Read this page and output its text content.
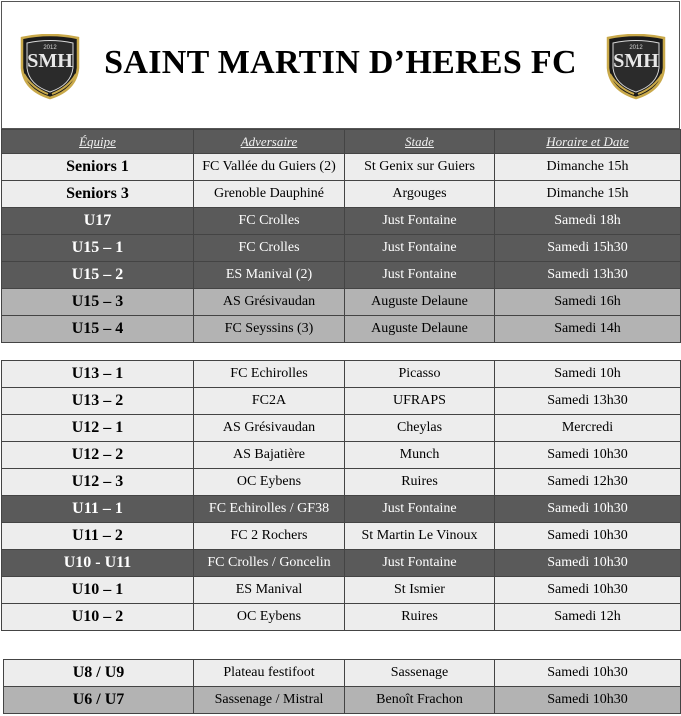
SMH
2012	SAINT MARTIN D’HERES FC	SMH
2012
Équipe	Adversaire	Stade	Horaire et Date
Seniors 1	FC Vallée du Guiers (2)	St Genix sur Guiers	Dimanche 15h
Seniors 3	Grenoble Dauphiné	Argouges	Dimanche 15h
U17	FC Crolles	Just Fontaine	Samedi 18h
U15 – 1	FC Crolles	Just Fontaine	Samedi 15h30
U15 – 2	ES Manival (2)	Just Fontaine	Samedi 13h30
U15 – 3	AS Grésivaudan	Auguste Delaune	Samedi 16h
U15 – 4	FC Seyssins (3)	Auguste Delaune	Samedi 14h
U13 – 1	FC Echirolles	Picasso	Samedi 10h
U13 – 2	FC2A	UFRAPS	Samedi 13h30
U12 – 1	AS Grésivaudan	Cheylas	Mercredi
U12 – 2	AS Bajatière	Munch	Samedi 10h30
U12 – 3	OC Eybens	Ruires	Samedi 12h30
U11 – 1	FC Echirolles / GF38	Just Fontaine	Samedi 10h30
U11 – 2	FC 2 Rochers	St Martin Le Vinoux	Samedi 10h30
U10 - U11	FC Crolles / Goncelin	Just Fontaine	Samedi 10h30
U10 – 1	ES Manival	St Ismier	Samedi 10h30
U10 – 2	OC Eybens	Ruires	Samedi 12h
U8 / U9	Plateau festifoot	Sassenage	Samedi 10h30
U6 / U7	Sassenage / Mistral	Benoît Frachon	Samedi 10h30
